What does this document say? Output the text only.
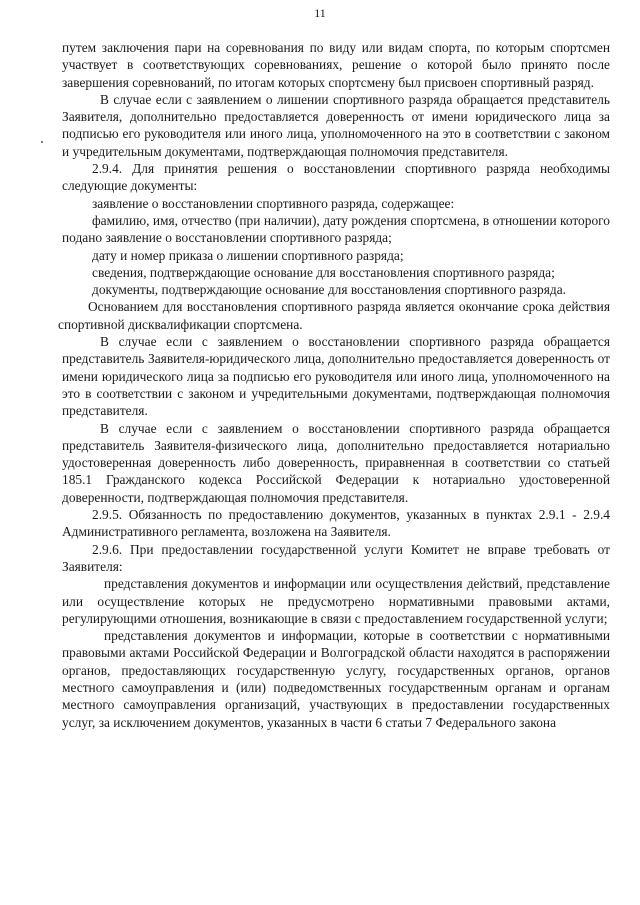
11

путем заключения пари на соревнования по виду или видам спорта, по которым спортсмен участвует в соответствующих соревнованиях, решение о которой было принято после завершения соревнований, по итогам которых спортсмену был присвоен спортивный разряд.

В случае если с заявлением о лишении спортивного разряда обращается представитель Заявителя, дополнительно предоставляется доверенность от имени юридического лица за подписью его руководителя или иного лица, уполномоченного на это в соответствии с законом и учредительным документами, подтверждающая полномочия представителя.

2.9.4. Для принятия решения о восстановлении спортивного разряда необходимы следующие документы:

заявление о восстановлении спортивного разряда, содержащее:

фамилию, имя, отчество (при наличии), дату рождения спортсмена, в отношении которого подано заявление о восстановлении спортивного разряда;

дату и номер приказа о лишении спортивного разряда;

сведения, подтверждающие основание для восстановления спортивного разряда;

документы, подтверждающие основание для восстановления спортивного разряда.

Основанием для восстановления спортивного разряда является окончание срока действия спортивной дисквалификации спортсмена.

В случае если с заявлением о восстановлении спортивного разряда обращается представитель Заявителя-юридического лица, дополнительно предоставляется доверенность от имени юридического лица за подписью его руководителя или иного лица, уполномоченного на это в соответствии с законом и учредительными документами, подтверждающая полномочия представителя.

В случае если с заявлением о восстановлении спортивного разряда обращается представитель Заявителя-физического лица, дополнительно предоставляется нотариально удостоверенная доверенность либо доверенность, приравненная в соответствии со статьей 185.1 Гражданского кодекса Российской Федерации к нотариально удостоверенной доверенности, подтверждающая полномочия представителя.

2.9.5. Обязанность по предоставлению документов, указанных в пунктах 2.9.1 - 2.9.4 Административного регламента, возложена на Заявителя.

2.9.6. При предоставлении государственной услуги Комитет не вправе требовать от Заявителя:

представления документов и информации или осуществления действий, представление или осуществление которых не предусмотрено нормативными правовыми актами, регулирующими отношения, возникающие в связи с предоставлением государственной услуги;

представления документов и информации, которые в соответствии с нормативными правовыми актами Российской Федерации и Волгоградской области находятся в распоряжении органов, предоставляющих государственную услугу, государственных органов, органов местного самоуправления и (или) подведомственных государственным органам и органам местного самоуправления организаций, участвующих в предоставлении государственных услуг, за исключением документов, указанных в части 6 статьи 7 Федерального закона
